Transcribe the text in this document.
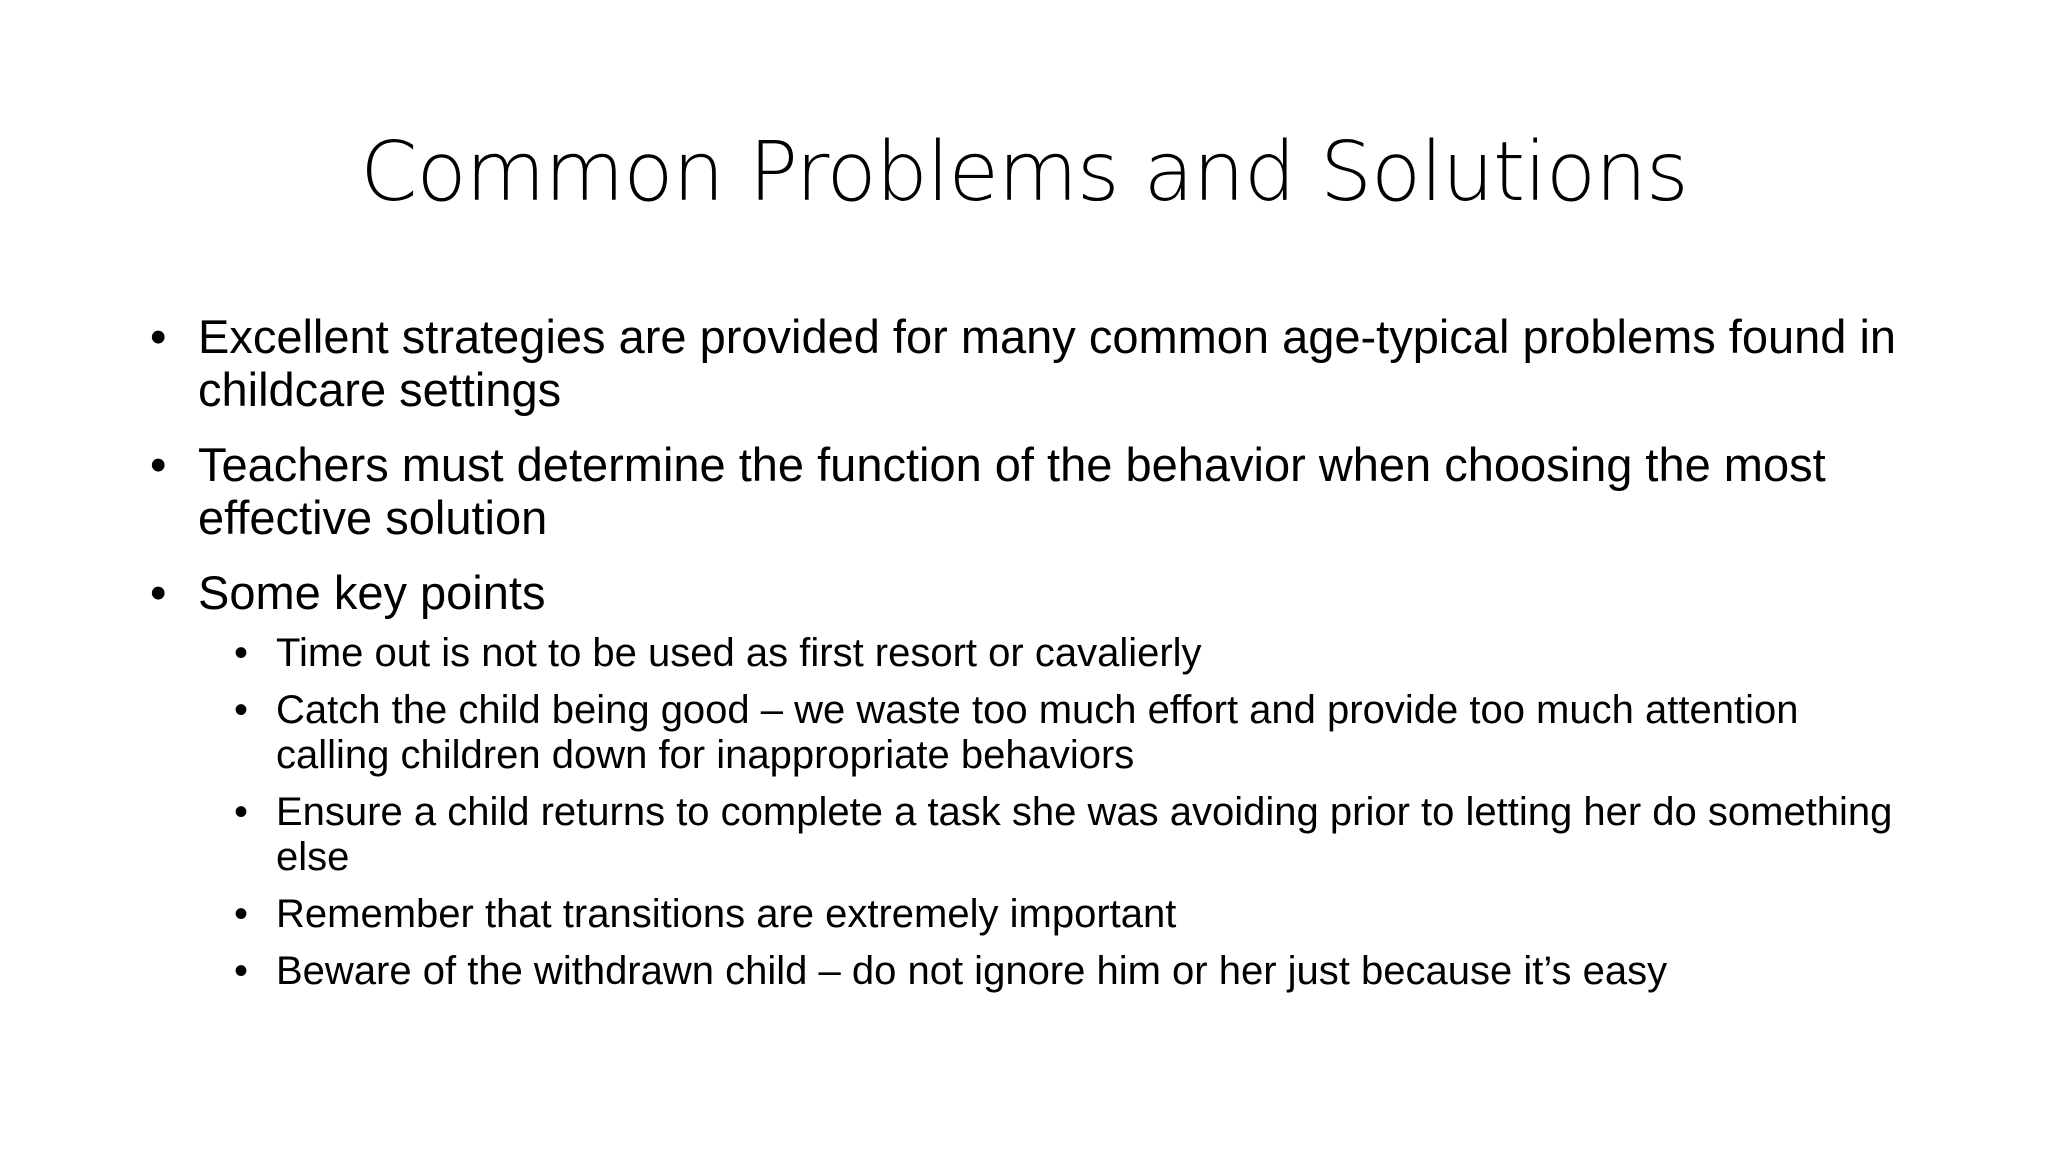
Common Problems and Solutions
• Excellent strategies are provided for many common age-typical problems found in childcare settings
• Teachers must determine the function of the behavior when choosing the most effective solution
• Some key points
• Time out is not to be used as first resort or cavalierly
• Catch the child being good – we waste too much effort and provide too much attention calling children down for inappropriate behaviors
• Ensure a child returns to complete a task she was avoiding prior to letting her do something else
• Remember that transitions are extremely important
• Beware of the withdrawn child – do not ignore him or her just because it’s easy
